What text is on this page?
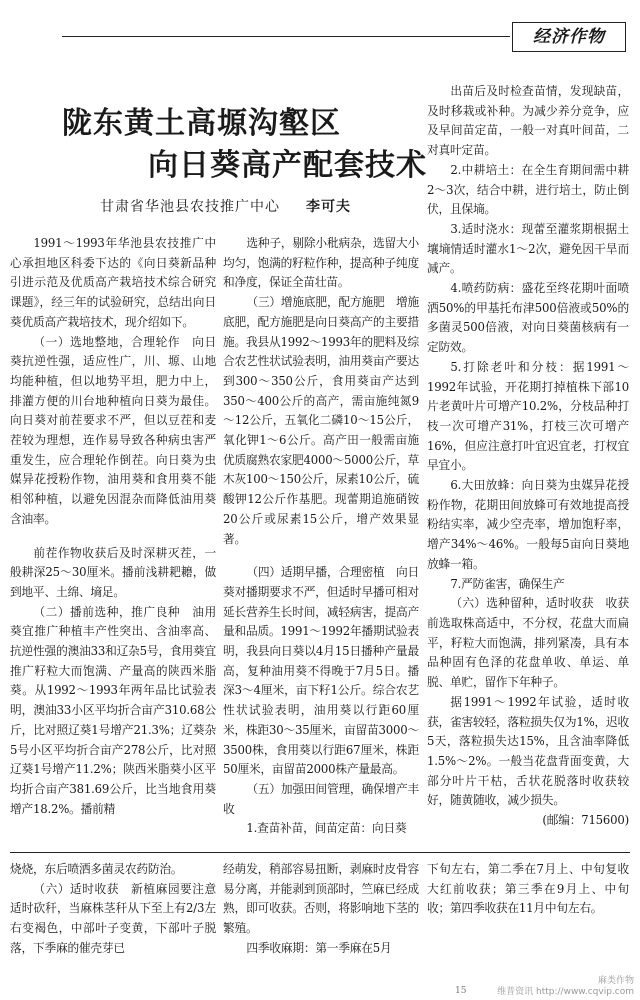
经济作物
陇东黄土高塬沟壑区
向日葵高产配套技术
甘肃省华池县农技推广中心 李可夫

1991～1993年华池县农技推广中心承担地区科委下达的《向日葵新品种引进示范及优质高产栽培技术综合研究课题》，经三年的试验研究，总结出向日葵优质高产栽培技术，现介绍如下。

（一）选地整地，合理轮作　向日葵抗逆性强，适应性广，川、塬、山地均能种植，但以地势平坦，肥力中上，排灌方便的川台地种植向日葵为最佳。向日葵对前茬要求不严，但以豆茬和麦茬较为理想，连作易导致各种病虫害严重发生，应合理轮作倒茬。向日葵为虫媒异花授粉作物，油用葵和食用葵不能相邻种植，以避免因混杂而降低油用葵含油率。

前茬作物收获后及时深耕灭茬，一般耕深25～30厘米。播前浅耕耙耱，做到地平、土绵、墒足。

（二）播前选种，推广良种　油用葵宜推广种植丰产性突出、含油率高、抗逆性强的澳油33和辽杂5号，食用葵宜推广籽粒大而饱满、产量高的陕西米脂葵。从1992～1993年两年品比试验表明，澳油33小区平均折合亩产310.68公斤，比对照辽葵1号增产21.3%；辽葵杂5号小区平均折合亩产278公斤，比对照辽葵1号增产11.2%；陕西米脂葵小区平均折合亩产381.69公斤，比当地食用葵增产18.2%。播前精

选种子，剔除小秕病杂，选留大小均匀，饱满的籽粒作种，提高种子纯度和净度，保证全苗壮苗。

（三）增施底肥，配方施肥　增施底肥，配方施肥是向日葵高产的主要措施。我县从1992～1993年的肥料及综合农艺性状试验表明，油用葵亩产要达到300～350公斤，食用葵亩产达到350～400公斤的高产，需亩施纯氮9～12公斤，五氧化二磷10～15公斤，氧化钾1～6公斤。高产田一般需亩施优质腐熟农家肥4000～5000公斤，草木灰100～150公斤，尿素10公斤，硫酸钾12公斤作基肥。现蕾期追施硝铵20公斤或尿素15公斤，增产效果显著。

（四）适期早播，合理密植　向日葵对播期要求不严，但适时早播可相对延长营养生长时间，减轻病害，提高产量和品质。1991～1992年播期试验表明，我县向日葵以4月15日播种产量最高，复种油用葵不得晚于7月5日。播深3～4厘米，亩下籽1公斤。综合农艺性状试验表明，油用葵以行距60厘米，株距30～35厘米，亩留苗3000～3500株，食用葵以行距67厘米，株距50厘米，亩留苗2000株产量最高。

（五）加强田间管理，确保增产丰收

1.查苗补苗，间苗定苗：向日葵

出苗后及时检查苗情，发现缺苗，及时移栽或补种。为减少养分竞争，应及早间苗定苗，一般一对真叶间苗，二对真叶定苗。

2.中耕培土：在全生育期间需中耕2～3次，结合中耕，进行培土，防止倒伏，且保墒。

3.适时浇水：现蕾至灌浆期根据土壤墒情适时灌水1～2次，避免因干旱而减产。

4.喷药防病：盛花至终花期叶面喷洒50%的甲基托布津500倍液或50%的多菌灵500倍液，对向日葵菌核病有一定防效。

5.打除老叶和分枝：据1991～1992年试验，开花期打掉植株下部10片老黄叶片可增产10.2%，分枝品种打枝一次可增产31%，打枝三次可增产16%，但应注意打叶宜迟宜老，打杈宜早宜小。

6.大田放蜂：向日葵为虫媒异花授粉作物，花期田间放蜂可有效地提高授粉结实率，减少空壳率，增加饱籽率，增产34%～46%。一般每5亩向日葵地放蜂一箱。

7.严防雀害，确保生产

（六）选种留种，适时收获　收获前选取株高适中，不分杈，花盘大而扁平，籽粒大而饱满，排列紧凑，具有本品种固有色泽的花盘单收、单运、单脱、单贮，留作下年种子。

据1991～1992年试验，适时收获，雀害较轻，落粒损失仅为1%，迟收5天，落粒损失达15%，且含油率降低1.5%～2%。一般当花盘背面变黄，大部分叶片干枯，舌状花脱落时收获较好，随黄随收，减少损失。

(邮编：715600)

烧烧，东后喷洒多菌灵农药防治。

（六）适时收获　新植麻园要注意适时砍秆，当麻株茎秆从下至上有2/3左右变褐色，中部叶子变黄，下部叶子脱落，下季麻的催壳芽已

经萌发，稍部容易扭断，剥麻时皮骨容易分离，并能剥到顶部时，竺麻已经成熟，即可收获。否则，将影响地下茎的繁殖。

四季收麻期：第一季麻在5月

下旬左右，第二季在7月上、中旬复收大红前收获；第三季在9月上、中旬收；第四季收获在11月中旬左右。

15
麻类作物
维普资讯 http://www.cqvip.com
